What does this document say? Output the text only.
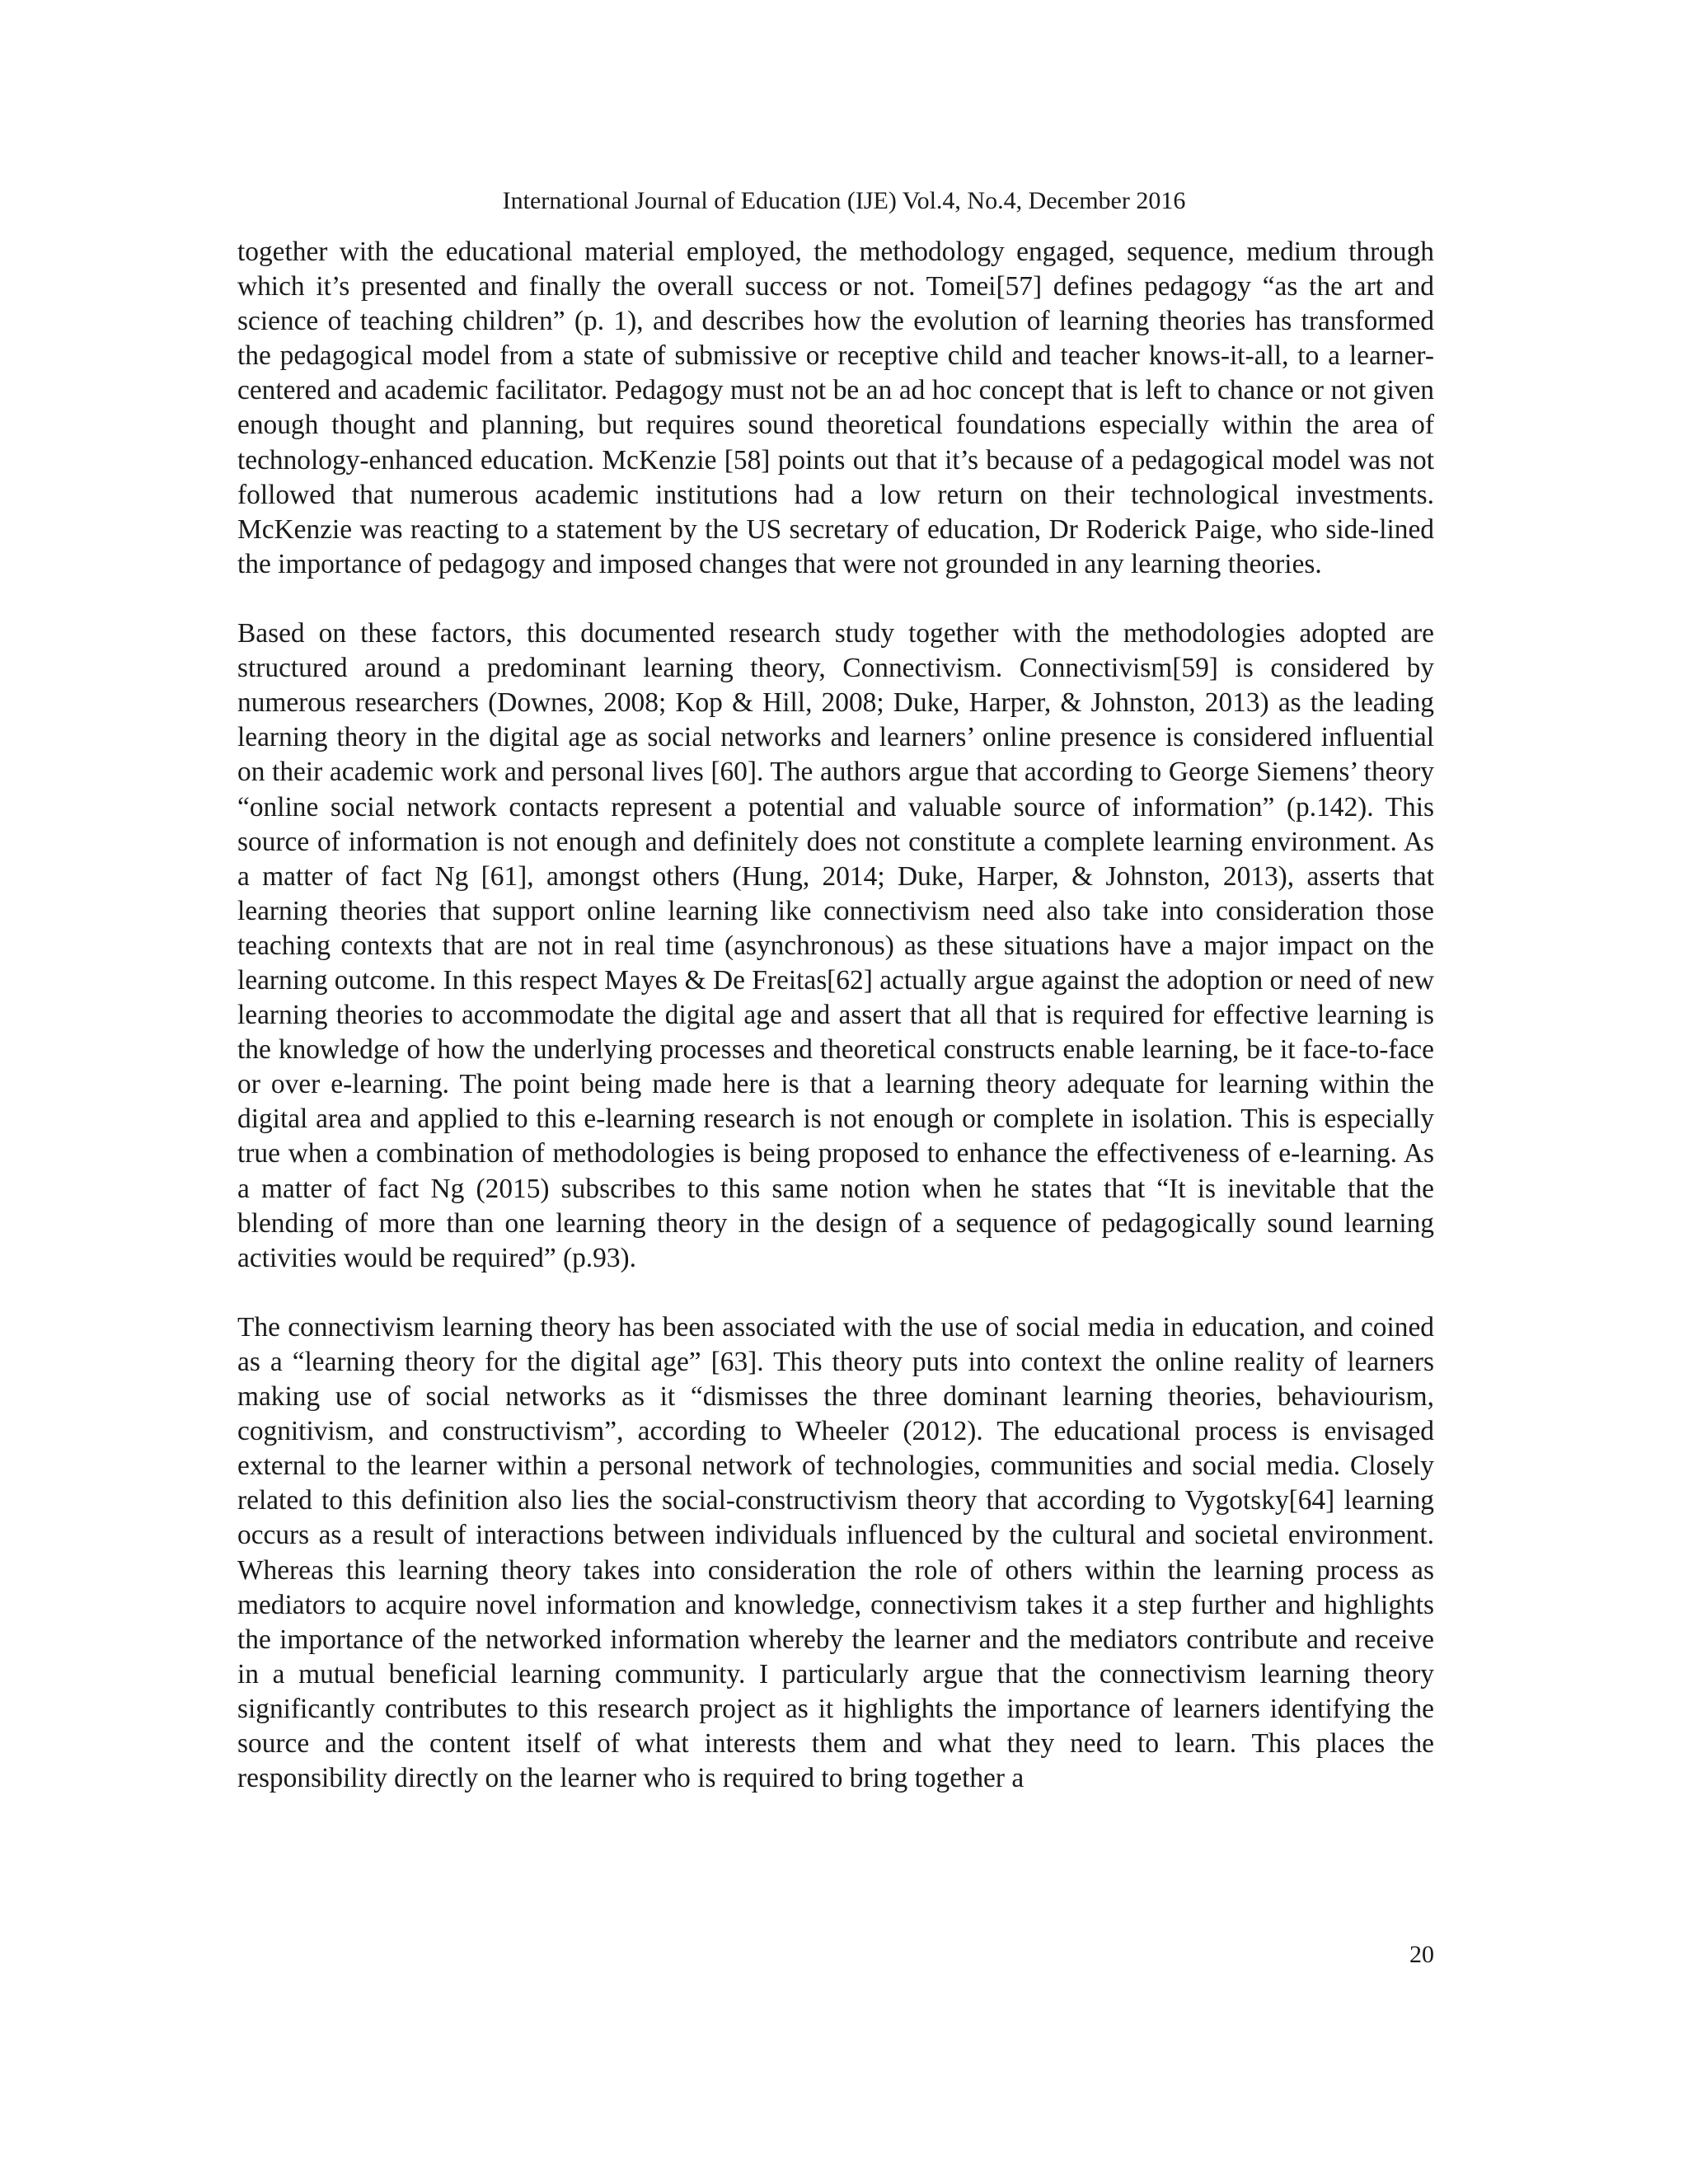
International Journal of Education (IJE) Vol.4, No.4, December 2016

together with the educational material employed, the methodology engaged, sequence, medium through which it’s presented and finally the overall success or not. Tomei[57] defines pedagogy “as the art and science of teaching children” (p. 1), and describes how the evolution of learning theories has transformed the pedagogical model from a state of submissive or receptive child and teacher knows-it-all, to a learner-centered and academic facilitator. Pedagogy must not be an ad hoc concept that is left to chance or not given enough thought and planning, but requires sound theoretical foundations especially within the area of technology-enhanced education. McKenzie [58] points out that it’s because of a pedagogical model was not followed that numerous academic institutions had a low return on their technological investments. McKenzie was reacting to a statement by the US secretary of education, Dr Roderick Paige, who side-lined the importance of pedagogy and imposed changes that were not grounded in any learning theories.

Based on these factors, this documented research study together with the methodologies adopted are structured around a predominant learning theory, Connectivism. Connectivism[59] is considered by numerous researchers (Downes, 2008; Kop & Hill, 2008; Duke, Harper, & Johnston, 2013) as the leading learning theory in the digital age as social networks and learners’ online presence is considered influential on their academic work and personal lives [60]. The authors argue that according to George Siemens’ theory “online social network contacts represent a potential and valuable source of information” (p.142). This source of information is not enough and definitely does not constitute a complete learning environment. As a matter of fact Ng [61], amongst others (Hung, 2014; Duke, Harper, & Johnston, 2013), asserts that learning theories that support online learning like connectivism need also take into consideration those teaching contexts that are not in real time (asynchronous) as these situations have a major impact on the learning outcome. In this respect Mayes & De Freitas[62] actually argue against the adoption or need of new learning theories to accommodate the digital age and assert that all that is required for effective learning is the knowledge of how the underlying processes and theoretical constructs enable learning, be it face-to-face or over e-learning. The point being made here is that a learning theory adequate for learning within the digital area and applied to this e-learning research is not enough or complete in isolation. This is especially true when a combination of methodologies is being proposed to enhance the effectiveness of e-learning. As a matter of fact Ng (2015) subscribes to this same notion when he states that “It is inevitable that the blending of more than one learning theory in the design of a sequence of pedagogically sound learning activities would be required” (p.93).

The connectivism learning theory has been associated with the use of social media in education, and coined as a “learning theory for the digital age” [63]. This theory puts into context the online reality of learners making use of social networks as it “dismisses the three dominant learning theories, behaviourism, cognitivism, and constructivism”, according to Wheeler (2012). The educational process is envisaged external to the learner within a personal network of technologies, communities and social media. Closely related to this definition also lies the social-constructivism theory that according to Vygotsky[64] learning occurs as a result of interactions between individuals influenced by the cultural and societal environment. Whereas this learning theory takes into consideration the role of others within the learning process as mediators to acquire novel information and knowledge, connectivism takes it a step further and highlights the importance of the networked information whereby the learner and the mediators contribute and receive in a mutual beneficial learning community. I particularly argue that the connectivism learning theory significantly contributes to this research project as it highlights the importance of learners identifying the source and the content itself of what interests them and what they need to learn. This places the responsibility directly on the learner who is required to bring together a

20
